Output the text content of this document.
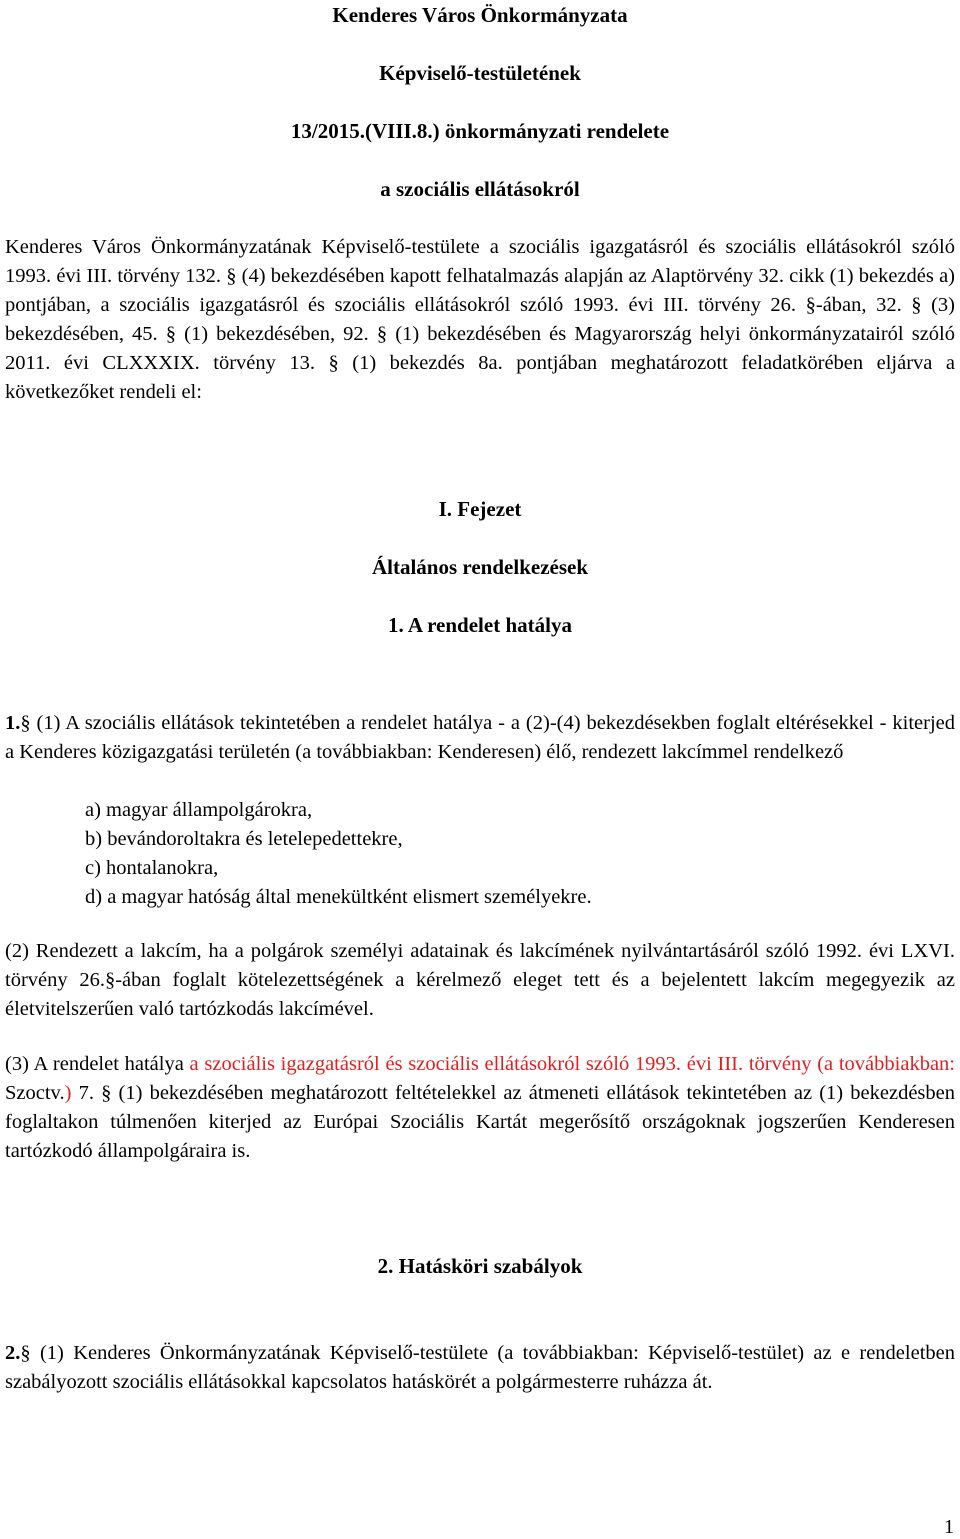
Kenderes Város Önkormányzata
Képviselő-testületének
13/2015.(VIII.8.) önkormányzati rendelete
a szociális ellátásokról
Kenderes Város Önkormányzatának Képviselő-testülete a szociális igazgatásról és szociális ellátásokról szóló 1993. évi III. törvény 132. § (4) bekezdésében kapott felhatalmazás alapján az Alaptörvény 32. cikk (1) bekezdés a) pontjában, a szociális igazgatásról és szociális ellátásokról szóló 1993. évi III. törvény 26. §-ában, 32. § (3) bekezdésében, 45. § (1) bekezdésében, 92. § (1) bekezdésében és Magyarország helyi önkormányzatairól szóló 2011. évi CLXXXIX. törvény 13. § (1) bekezdés 8a. pontjában meghatározott feladatkörében eljárva a következőket rendeli el:
I. Fejezet
Általános rendelkezések
1. A rendelet hatálya
1.§ (1) A szociális ellátások tekintetében a rendelet hatálya - a (2)-(4) bekezdésekben foglalt eltérésekkel - kiterjed a Kenderes közigazgatási területén (a továbbiakban: Kenderesen) élő, rendezett lakcímmel rendelkező
a) magyar állampolgárokra,
b) bevándoroltakra és letelepedettekre,
c) hontalanokra,
d) a magyar hatóság által menekültként elismert személyekre.
(2) Rendezett a lakcím, ha a polgárok személyi adatainak és lakcímének nyilvántartásáról szóló 1992. évi LXVI. törvény 26.§-ában foglalt kötelezettségének a kérelmező eleget tett és a bejelentett lakcím megegyezik az életvitelszerűen való tartózkodás lakcímével.
(3) A rendelet hatálya a szociális igazgatásról és szociális ellátásokról szóló 1993. évi III. törvény (a továbbiakban: Szoctv.) 7. § (1) bekezdésében meghatározott feltételekkel az átmeneti ellátások tekintetében az (1) bekezdésben foglaltakon túlmenően kiterjed az Európai Szociális Kartát megerősítő országoknak jogszerűen Kenderesen tartózkodó állampolgáraira is.
2. Hatásköri szabályok
2.§ (1) Kenderes Önkormányzatának Képviselő-testülete (a továbbiakban: Képviselő-testület) az e rendeletben szabályozott szociális ellátásokkal kapcsolatos hatáskörét a polgármesterre ruházza át.
1
